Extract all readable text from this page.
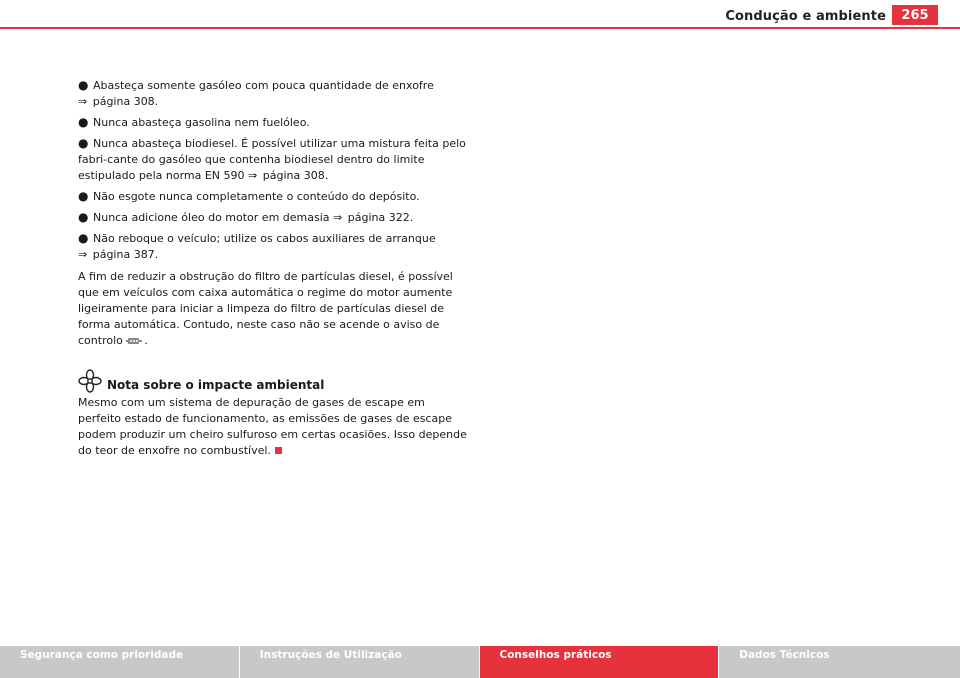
Condução e ambiente	265
● Abasteça somente gasóleo com pouca quantidade de enxofre
⇒ página 308.
● Nunca abasteça gasolina nem fuelóleo.
● Nunca abasteça biodiesel. É possível utilizar uma mistura feita pelo fabri-cante do gasóleo que contenha biodiesel dentro do limite estipulado pela norma EN 590 ⇒ página 308.
● Não esgote nunca completamente o conteúdo do depósito.
● Nunca adicione óleo do motor em demasia ⇒ página 322.
● Não reboque o veículo; utilize os cabos auxiliares de arranque
⇒ página 387.

A fim de reduzir a obstrução do filtro de partículas diesel, é possível que em veículos com caixa automática o regime do motor aumente ligeiramente para iniciar a limpeza do filtro de partículas diesel de forma automática. Contudo, neste caso não se acende o aviso de controlo .

Nota sobre o impacte ambiental

Mesmo com um sistema de depuração de gases de escape em perfeito estado de funcionamento, as emissões de gases de escape podem produzir um cheiro sulfuroso em certas ocasiões. Isso depende do teor de enxofre no combustível.

Segurança como prioridade	Instruções de Utilização	Conselhos práticos	Dados Técnicos
